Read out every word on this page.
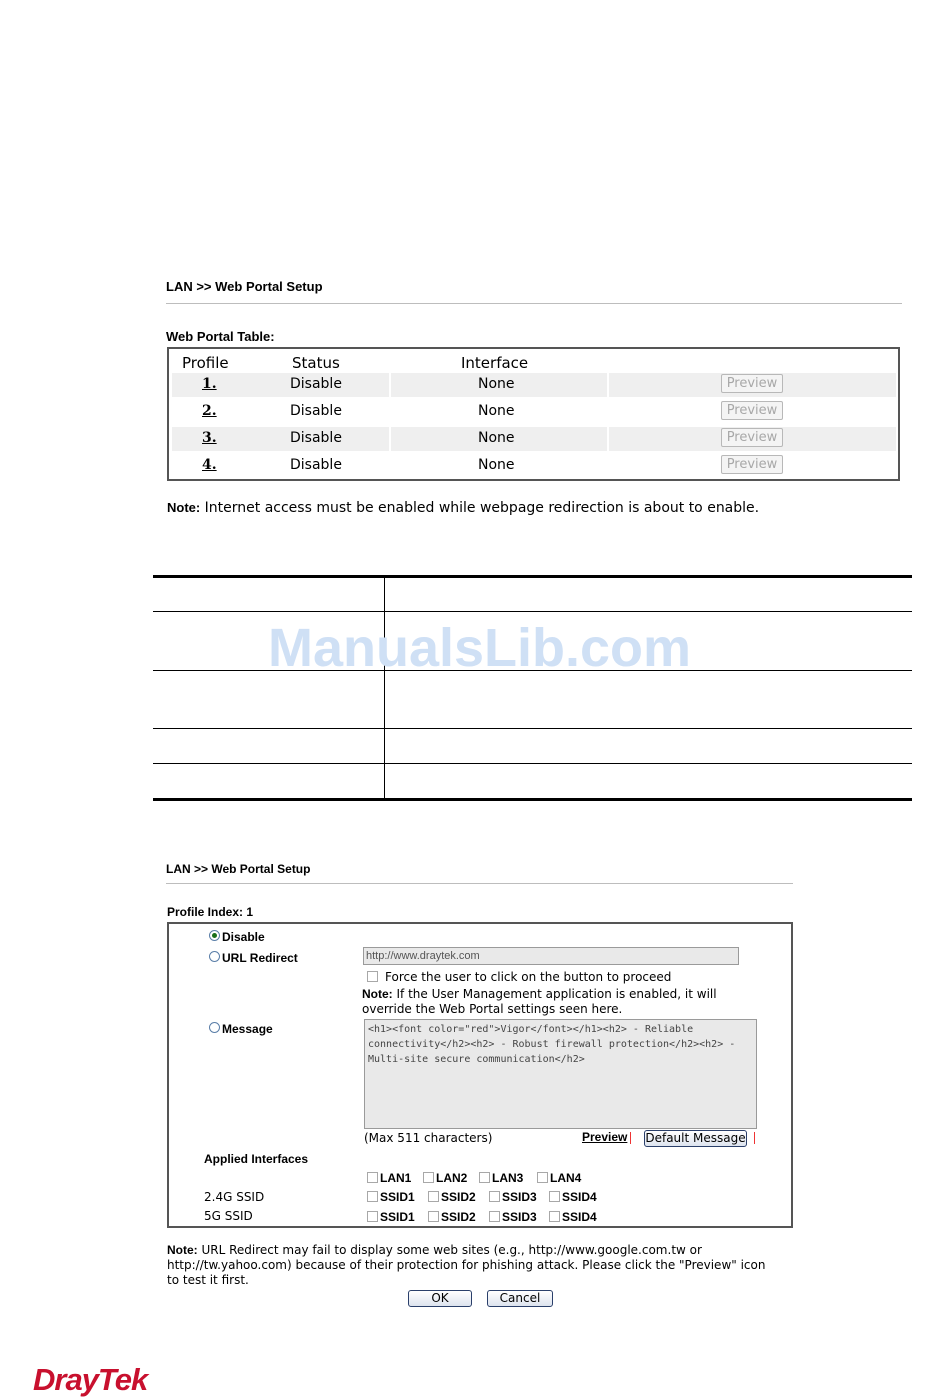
LAN >> Web Portal Setup
Web Portal Table:
Profile	Status	Interface
1.	Disable	None	Preview
2.	Disable	None	Preview
3.	Disable	None	Preview
4.	Disable	None	Preview
Note: Internet access must be enabled while webpage redirection is about to enable.
ManualsLib.com
LAN >> Web Portal Setup
Profile Index: 1
Disable
URL Redirect
http://www.draytek.com
Force the user to click on the button to proceed
Note: If the User Management application is enabled, it will
override the Web Portal settings seen here.
Message
<h1><font color="red">Vigor</font></h1><h2> - Reliable connectivity</h2><h2> - Robust firewall protection</h2><h2> - Multi-site secure communication</h2>
(Max 511 characters)	Preview Default Message
Applied Interfaces
LAN1 LAN2 LAN3 LAN4
2.4G SSID	SSID1 SSID2 SSID3 SSID4
5G SSID	SSID1 SSID2 SSID3 SSID4
Note: URL Redirect may fail to display some web sites (e.g., http://www.google.com.tw or
http://tw.yahoo.com) because of their protection for phishing attack. Please click the "Preview" icon
to test it first.
OK	Cancel
DrayTek
